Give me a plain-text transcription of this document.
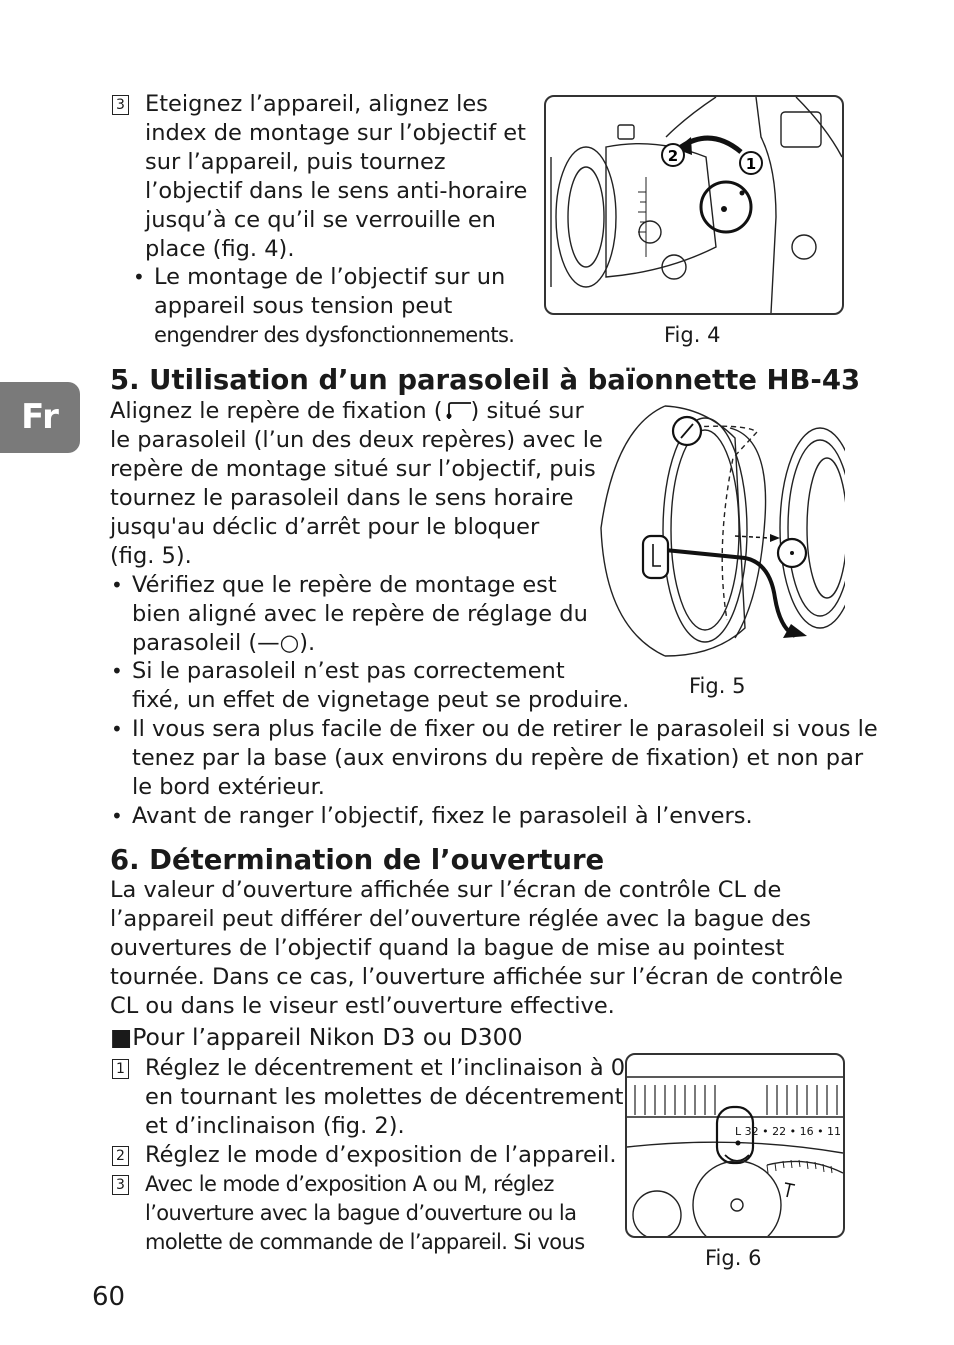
Fr
3 Eteignez l’appareil, alignez les

index de montage sur l’objectif et

sur l’appareil, puis tournez

l’objectif dans le sens anti-horaire

jusqu’à ce qu’il se verrouille en

place (fig. 4).

• Le montage de l’objectif sur un

appareil sous tension peut

engendrer des dysfonctionnements.

2	1
Fig. 4
5. Utilisation d’un parasoleil à baïonnette HB-43

Alignez le repère de fixation ( ) situé sur

le parasoleil (l’un des deux repères) avec le

repère de montage situé sur l’objectif, puis

tournez le parasoleil dans le sens horaire

jusqu'au déclic d’arrêt pour le bloquer

(fig. 5).

• Vérifiez que le repère de montage est

bien aligné avec le repère de réglage du

parasoleil (—○).

• Si le parasoleil n’est pas correctement

fixé, un effet de vignetage peut se produire.

• Il vous sera plus facile de fixer ou de retirer le parasoleil si vous le

tenez par la base (aux environs du repère de fixation) et non par

le bord extérieur.

• Avant de ranger l’objectif, fixez le parasoleil à l’envers.

Fig. 5
6. Détermination de l’ouverture

La valeur d’ouverture affichée sur l’écran de contrôle CL de

l’appareil peut différer del’ouverture réglée avec la bague des

ouvertures de l’objectif quand la bague de mise au pointest

tournée. Dans ce cas, l’ouverture affichée sur l’écran de contrôle

CL ou dans le viseur estl’ouverture effective.

■Pour l’appareil Nikon D3 ou D300

1 Réglez le décentrement et l’inclinaison à 0

en tournant les molettes de décentrement

et d’inclinaison (fig. 2).

2 Réglez le mode d’exposition de l’appareil.

3 Avec le mode d’exposition A ou M, réglez

l’ouverture avec la bague d’ouverture ou la

molette de commande de l’appareil. Si vous

L 32 • 22 • 16 • 11
Fig. 6
60
